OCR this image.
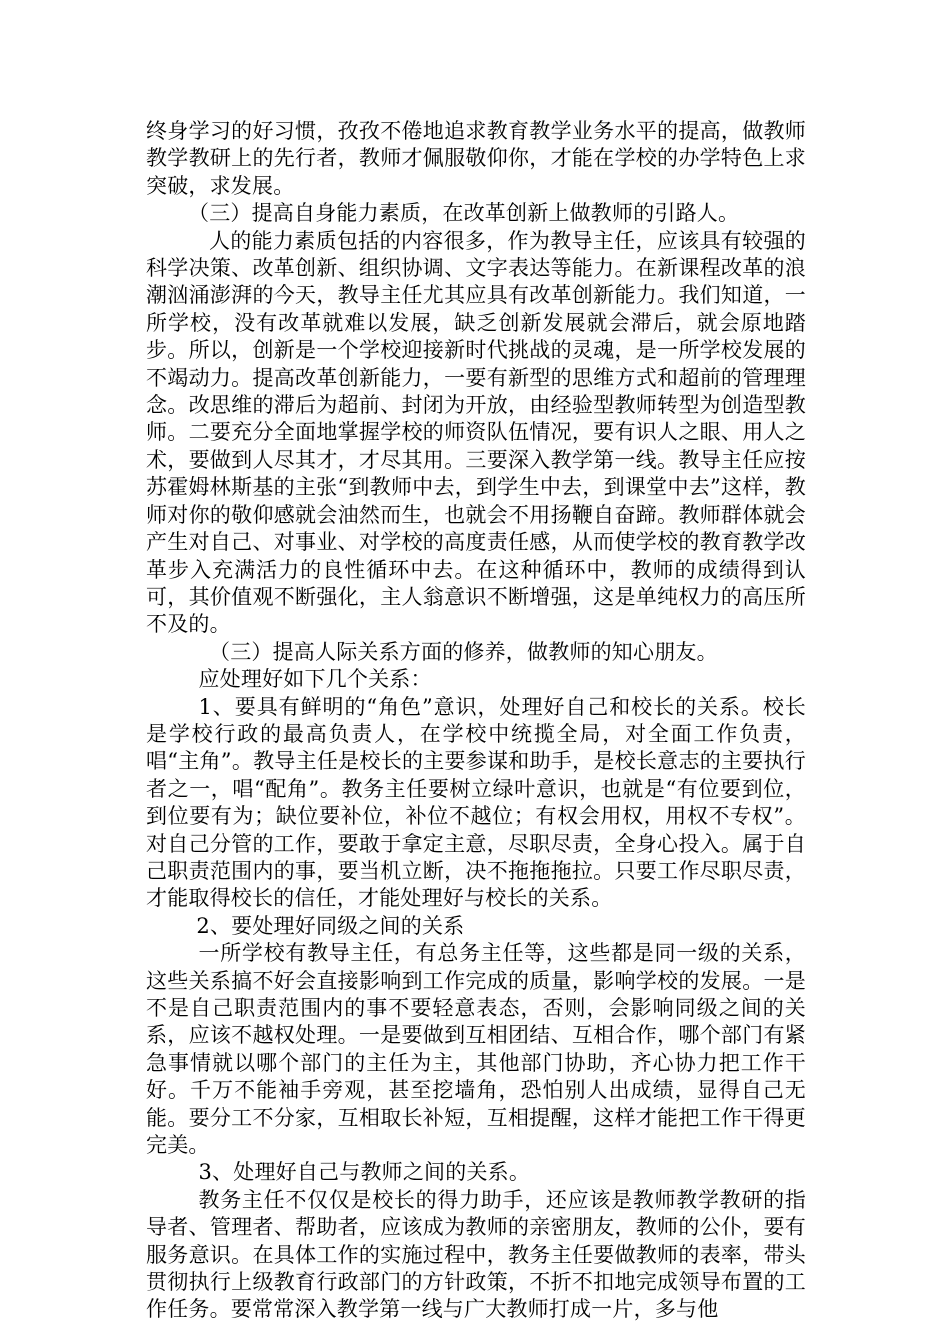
终身学习的好习惯，孜孜不倦地追求教育教学业务水平的提高，做教师教学教研上的先行者，教师才佩服敬仰你，才能在学校的办学特色上求突破，求发展。

（三）提高自身能力素质，在改革创新上做教师的引路人。

人的能力素质包括的内容很多，作为教导主任，应该具有较强的科学决策、改革创新、组织协调、文字表达等能力。在新课程改革的浪潮汹涌澎湃的今天，教导主任尤其应具有改革创新能力。我们知道，一所学校，没有改革就难以发展，缺乏创新发展就会滞后，就会原地踏步。所以，创新是一个学校迎接新时代挑战的灵魂，是一所学校发展的不竭动力。提高改革创新能力，一要有新型的思维方式和超前的管理理念。改思维的滞后为超前、封闭为开放，由经验型教师转型为创造型教师。二要充分全面地掌握学校的师资队伍情况，要有识人之眼、用人之术，要做到人尽其才，才尽其用。三要深入教学第一线。教导主任应按苏霍姆林斯基的主张“到教师中去，到学生中去，到课堂中去”这样，教师对你的敬仰感就会油然而生，也就会不用扬鞭自奋蹄。教师群体就会产生对自己、对事业、对学校的高度责任感，从而使学校的教育教学改革步入充满活力的良性循环中去。在这种循环中，教师的成绩得到认可，其价值观不断强化，主人翁意识不断增强，这是单纯权力的高压所不及的。

（三）提高人际关系方面的修养，做教师的知心朋友。

应处理好如下几个关系：

1、要具有鲜明的“角色”意识，处理好自己和校长的关系。校长是学校行政的最高负责人，在学校中统揽全局，对全面工作负责，唱“主角”。教导主任是校长的主要参谋和助手，是校长意志的主要执行者之一，唱“配角”。教务主任要树立绿叶意识，也就是“有位要到位，到位要有为；缺位要补位，补位不越位；有权会用权，用权不专权”。对自己分管的工作，要敢于拿定主意，尽职尽责，全身心投入。属于自己职责范围内的事，要当机立断，决不拖拖拖拉。只要工作尽职尽责，才能取得校长的信任，才能处理好与校长的关系。

2、要处理好同级之间的关系

一所学校有教导主任，有总务主任等，这些都是同一级的关系，这些关系搞不好会直接影响到工作完成的质量，影响学校的发展。一是不是自己职责范围内的事不要轻意表态，否则，会影响同级之间的关系，应该不越权处理。一是要做到互相团结、互相合作，哪个部门有紧急事情就以哪个部门的主任为主，其他部门协助，齐心协力把工作干好。千万不能袖手旁观，甚至挖墙角，恐怕别人出成绩，显得自己无能。要分工不分家，互相取长补短，互相提醒，这样才能把工作干得更完美。

3、处理好自己与教师之间的关系。

教务主任不仅仅是校长的得力助手，还应该是教师教学教研的指导者、管理者、帮助者，应该成为教师的亲密朋友，教师的公仆，要有服务意识。在具体工作的实施过程中，教务主任要做教师的表率，带头贯彻执行上级教育行政部门的方针政策，不折不扣地完成领导布置的工作任务。要常常深入教学第一线与广大教师打成一片，多与他
